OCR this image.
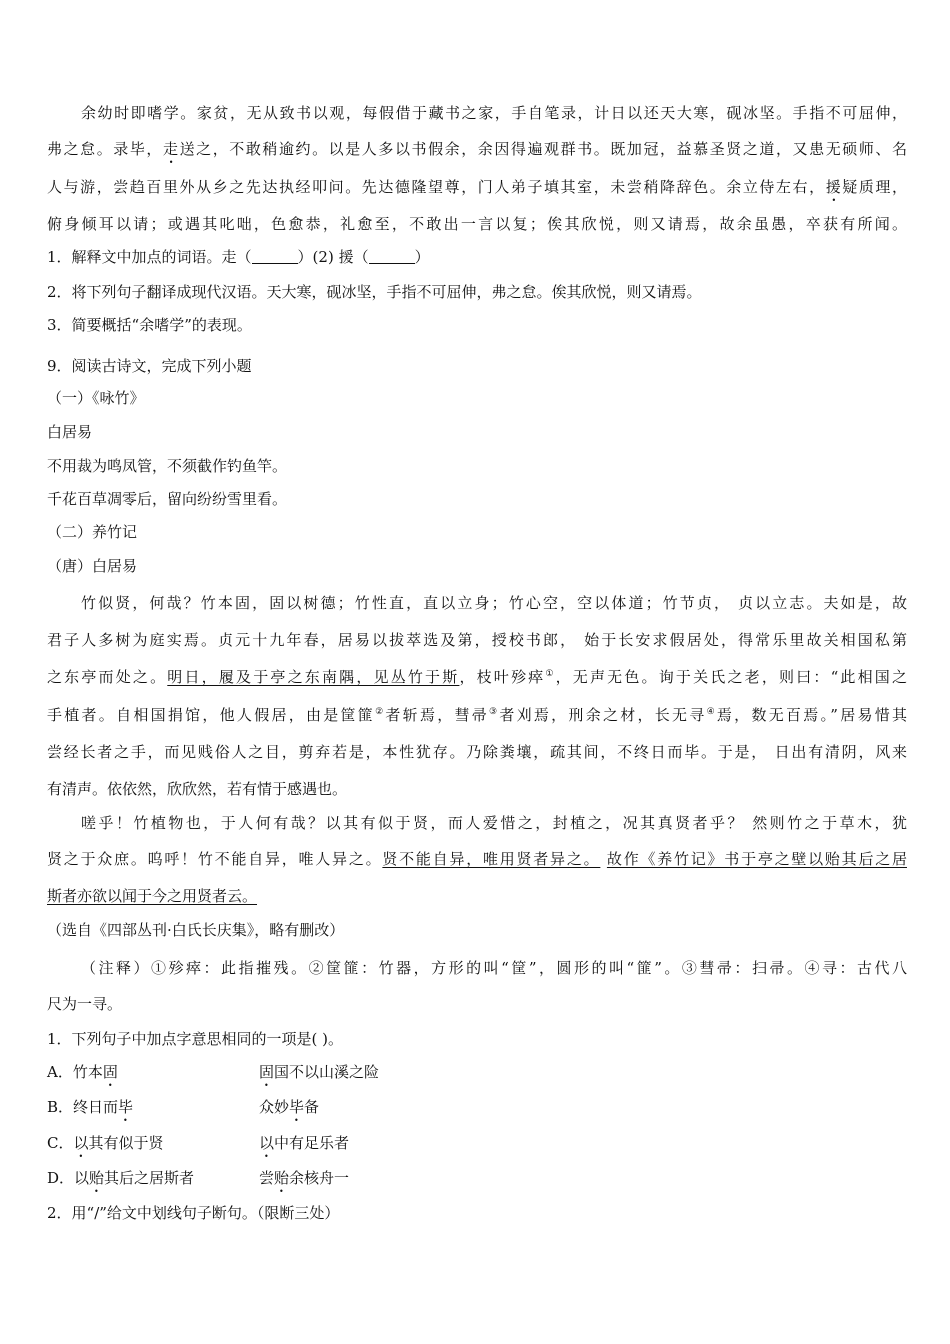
余幼时即嗜学。家贫，无从致书以观，每假借于藏书之家，手自笔录，计日以还天大寒，砚冰坚。手指不可屈伸，
弗之怠。录毕，走送之，不敢稍逾约。以是人多以书假余，余因得遍观群书。既加冠，益慕圣贤之道，又患无硕师、名
人与游，尝趋百里外从乡之先达执经叩问。先达德隆望尊，门人弟子填其室，未尝稍降辞色。余立侍左右，援疑质理，
俯身倾耳以请；或遇其叱咄，色愈恭，礼愈至，不敢出一言以复；俟其欣悦，则又请焉，故余虽愚，卒获有所闻。
1．解释文中加点的词语。走（	）(2) 援（	）
2．将下列句子翻译成现代汉语。天大寒，砚冰坚，手指不可屈伸，弗之怠。俟其欣悦，则又请焉。
3．简要概括“余嗜学”的表现。
9．阅读古诗文，完成下列小题
（一）《咏竹》
白居易
不用裁为鸣凤管，不须截作钓鱼竿。
千花百草凋零后，留向纷纷雪里看。
（二）养竹记
（唐）白居易
竹似贤，何哉？竹本固，固以树德；竹性直，直以立身；竹心空，空以体道；竹节贞， 贞以立志。夫如是，故
君子人多树为庭实焉。贞元十九年春，居易以拔萃选及第，授校书郎， 始于长安求假居处，得常乐里故关相国私第
之东亭而处之。明日，履及于亭之东南隅，见丛竹于斯，枝叶殄瘁①，无声无色。询于关氏之老，则曰：“此相国之
手植者。自相国捐馆，他人假居，由是筐篚②者斩焉，彗帚③者刈焉，刑余之材，长无寻④焉，数无百焉。”居易惜其
尝经长者之手，而见贱俗人之目，剪弃若是，本性犹存。乃除粪壤，疏其间，不终日而毕。于是， 日出有清阴，风来
有清声。依依然，欣欣然，若有情于感遇也。
嗟乎！竹植物也，于人何有哉？以其有似于贤，而人爱惜之，封植之，况其真贤者乎？ 然则竹之于草木，犹
贤之于众庶。呜呼！竹不能自异，唯人异之。贤不能自异，唯用贤者异之。 故作《养竹记》书于亭之壁以贻其后之居
斯者亦欲以闻于今之用贤者云。
（选自《四部丛刊·白氏长庆集》，略有删改）
（注释）①殄瘁：此指摧残。②筐篚：竹器，方形的叫“筐”，圆形的叫“篚”。③彗帚：扫帚。④寻：古代八
尺为一寻。
1．下列句子中加点字意思相同的一项是( )。
A．竹本固	固国不以山溪之险
B．终日而毕	众妙毕备
C．以其有似于贤	以中有足乐者
D．以贻其后之居斯者	尝贻余核舟一
2．用“/”给文中划线句子断句。（限断三处）
